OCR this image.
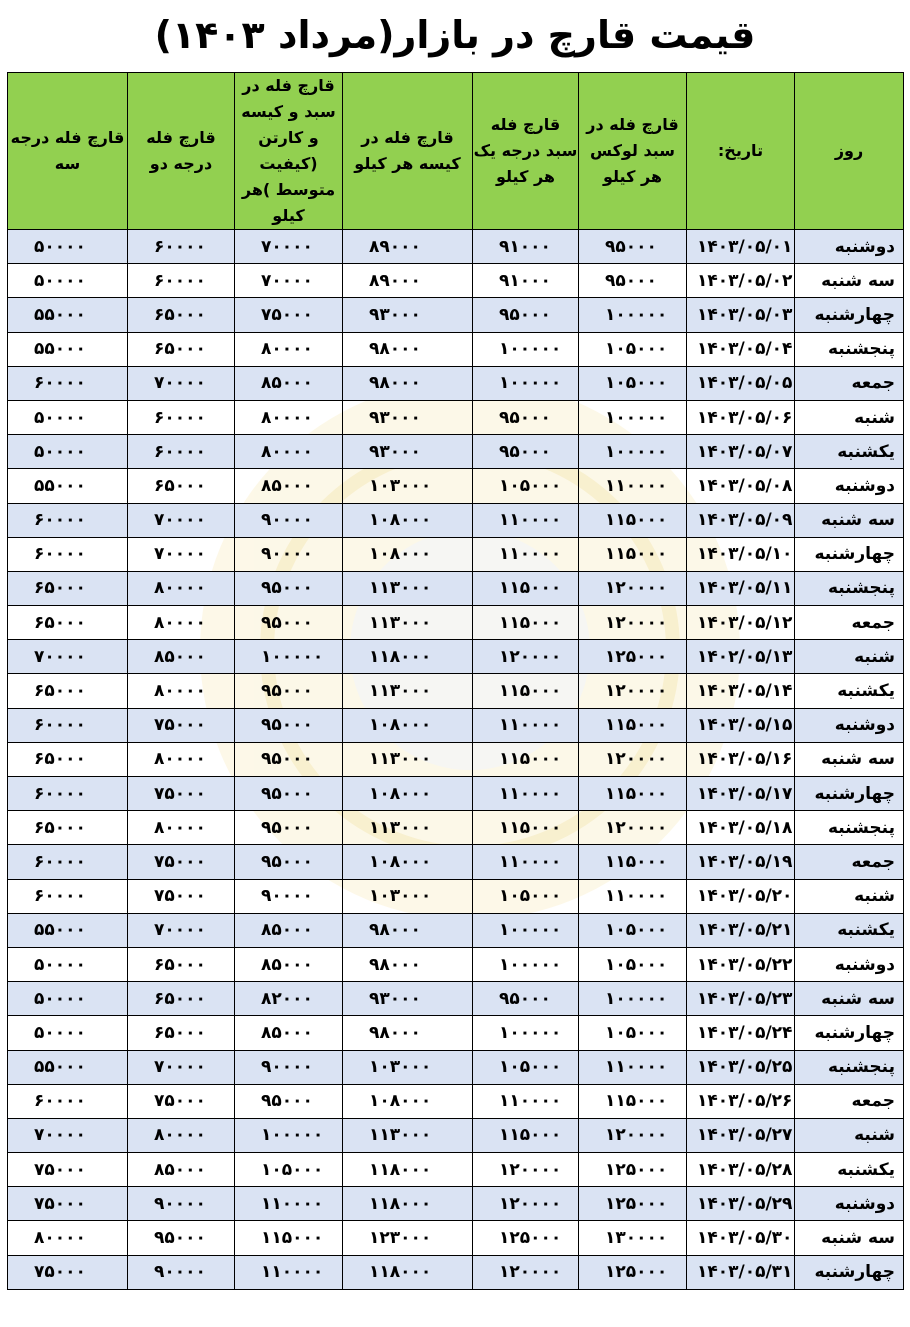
قیمت قارچ در بازار(مرداد ۱۴۰۳)
روز	تاریخ:	قارچ فله در سبد لوکس هر کیلو	قارچ فله سبد درجه یک هر کیلو	قارچ فله در کیسه هر کیلو	قارچ فله در سبد و کیسه و کارتن (کیفیت متوسط )هر کیلو	قارچ فله درجه دو	قارچ فله درجه سه
دوشنبه	۱۴۰۳/۰۵/۰۱	۹۵۰۰۰	۹۱۰۰۰	۸۹۰۰۰	۷۰۰۰۰	۶۰۰۰۰	۵۰۰۰۰
سه شنبه	۱۴۰۳/۰۵/۰۲	۹۵۰۰۰	۹۱۰۰۰	۸۹۰۰۰	۷۰۰۰۰	۶۰۰۰۰	۵۰۰۰۰
چهارشنبه	۱۴۰۳/۰۵/۰۳	۱۰۰۰۰۰	۹۵۰۰۰	۹۳۰۰۰	۷۵۰۰۰	۶۵۰۰۰	۵۵۰۰۰
پنجشنبه	۱۴۰۳/۰۵/۰۴	۱۰۵۰۰۰	۱۰۰۰۰۰	۹۸۰۰۰	۸۰۰۰۰	۶۵۰۰۰	۵۵۰۰۰
جمعه	۱۴۰۳/۰۵/۰۵	۱۰۵۰۰۰	۱۰۰۰۰۰	۹۸۰۰۰	۸۵۰۰۰	۷۰۰۰۰	۶۰۰۰۰
شنبه	۱۴۰۳/۰۵/۰۶	۱۰۰۰۰۰	۹۵۰۰۰	۹۳۰۰۰	۸۰۰۰۰	۶۰۰۰۰	۵۰۰۰۰
یکشنبه	۱۴۰۳/۰۵/۰۷	۱۰۰۰۰۰	۹۵۰۰۰	۹۳۰۰۰	۸۰۰۰۰	۶۰۰۰۰	۵۰۰۰۰
دوشنبه	۱۴۰۳/۰۵/۰۸	۱۱۰۰۰۰	۱۰۵۰۰۰	۱۰۳۰۰۰	۸۵۰۰۰	۶۵۰۰۰	۵۵۰۰۰
سه شنبه	۱۴۰۳/۰۵/۰۹	۱۱۵۰۰۰	۱۱۰۰۰۰	۱۰۸۰۰۰	۹۰۰۰۰	۷۰۰۰۰	۶۰۰۰۰
چهارشنبه	۱۴۰۳/۰۵/۱۰	۱۱۵۰۰۰	۱۱۰۰۰۰	۱۰۸۰۰۰	۹۰۰۰۰	۷۰۰۰۰	۶۰۰۰۰
پنجشنبه	۱۴۰۳/۰۵/۱۱	۱۲۰۰۰۰	۱۱۵۰۰۰	۱۱۳۰۰۰	۹۵۰۰۰	۸۰۰۰۰	۶۵۰۰۰
جمعه	۱۴۰۳/۰۵/۱۲	۱۲۰۰۰۰	۱۱۵۰۰۰	۱۱۳۰۰۰	۹۵۰۰۰	۸۰۰۰۰	۶۵۰۰۰
شنبه	۱۴۰۲/۰۵/۱۳	۱۲۵۰۰۰	۱۲۰۰۰۰	۱۱۸۰۰۰	۱۰۰۰۰۰	۸۵۰۰۰	۷۰۰۰۰
یکشنبه	۱۴۰۳/۰۵/۱۴	۱۲۰۰۰۰	۱۱۵۰۰۰	۱۱۳۰۰۰	۹۵۰۰۰	۸۰۰۰۰	۶۵۰۰۰
دوشنبه	۱۴۰۳/۰۵/۱۵	۱۱۵۰۰۰	۱۱۰۰۰۰	۱۰۸۰۰۰	۹۵۰۰۰	۷۵۰۰۰	۶۰۰۰۰
سه شنبه	۱۴۰۳/۰۵/۱۶	۱۲۰۰۰۰	۱۱۵۰۰۰	۱۱۳۰۰۰	۹۵۰۰۰	۸۰۰۰۰	۶۵۰۰۰
چهارشنبه	۱۴۰۳/۰۵/۱۷	۱۱۵۰۰۰	۱۱۰۰۰۰	۱۰۸۰۰۰	۹۵۰۰۰	۷۵۰۰۰	۶۰۰۰۰
پنجشنبه	۱۴۰۳/۰۵/۱۸	۱۲۰۰۰۰	۱۱۵۰۰۰	۱۱۳۰۰۰	۹۵۰۰۰	۸۰۰۰۰	۶۵۰۰۰
جمعه	۱۴۰۳/۰۵/۱۹	۱۱۵۰۰۰	۱۱۰۰۰۰	۱۰۸۰۰۰	۹۵۰۰۰	۷۵۰۰۰	۶۰۰۰۰
شنبه	۱۴۰۳/۰۵/۲۰	۱۱۰۰۰۰	۱۰۵۰۰۰	۱۰۳۰۰۰	۹۰۰۰۰	۷۵۰۰۰	۶۰۰۰۰
یکشنبه	۱۴۰۳/۰۵/۲۱	۱۰۵۰۰۰	۱۰۰۰۰۰	۹۸۰۰۰	۸۵۰۰۰	۷۰۰۰۰	۵۵۰۰۰
دوشنبه	۱۴۰۳/۰۵/۲۲	۱۰۵۰۰۰	۱۰۰۰۰۰	۹۸۰۰۰	۸۵۰۰۰	۶۵۰۰۰	۵۰۰۰۰
سه شنبه	۱۴۰۳/۰۵/۲۳	۱۰۰۰۰۰	۹۵۰۰۰	۹۳۰۰۰	۸۲۰۰۰	۶۵۰۰۰	۵۰۰۰۰
چهارشنبه	۱۴۰۳/۰۵/۲۴	۱۰۵۰۰۰	۱۰۰۰۰۰	۹۸۰۰۰	۸۵۰۰۰	۶۵۰۰۰	۵۰۰۰۰
پنجشنبه	۱۴۰۳/۰۵/۲۵	۱۱۰۰۰۰	۱۰۵۰۰۰	۱۰۳۰۰۰	۹۰۰۰۰	۷۰۰۰۰	۵۵۰۰۰
جمعه	۱۴۰۳/۰۵/۲۶	۱۱۵۰۰۰	۱۱۰۰۰۰	۱۰۸۰۰۰	۹۵۰۰۰	۷۵۰۰۰	۶۰۰۰۰
شنبه	۱۴۰۳/۰۵/۲۷	۱۲۰۰۰۰	۱۱۵۰۰۰	۱۱۳۰۰۰	۱۰۰۰۰۰	۸۰۰۰۰	۷۰۰۰۰
یکشنبه	۱۴۰۳/۰۵/۲۸	۱۲۵۰۰۰	۱۲۰۰۰۰	۱۱۸۰۰۰	۱۰۵۰۰۰	۸۵۰۰۰	۷۵۰۰۰
دوشنبه	۱۴۰۳/۰۵/۲۹	۱۲۵۰۰۰	۱۲۰۰۰۰	۱۱۸۰۰۰	۱۱۰۰۰۰	۹۰۰۰۰	۷۵۰۰۰
سه شنبه	۱۴۰۳/۰۵/۳۰	۱۳۰۰۰۰	۱۲۵۰۰۰	۱۲۳۰۰۰	۱۱۵۰۰۰	۹۵۰۰۰	۸۰۰۰۰
چهارشنبه	۱۴۰۳/۰۵/۳۱	۱۲۵۰۰۰	۱۲۰۰۰۰	۱۱۸۰۰۰	۱۱۰۰۰۰	۹۰۰۰۰	۷۵۰۰۰
